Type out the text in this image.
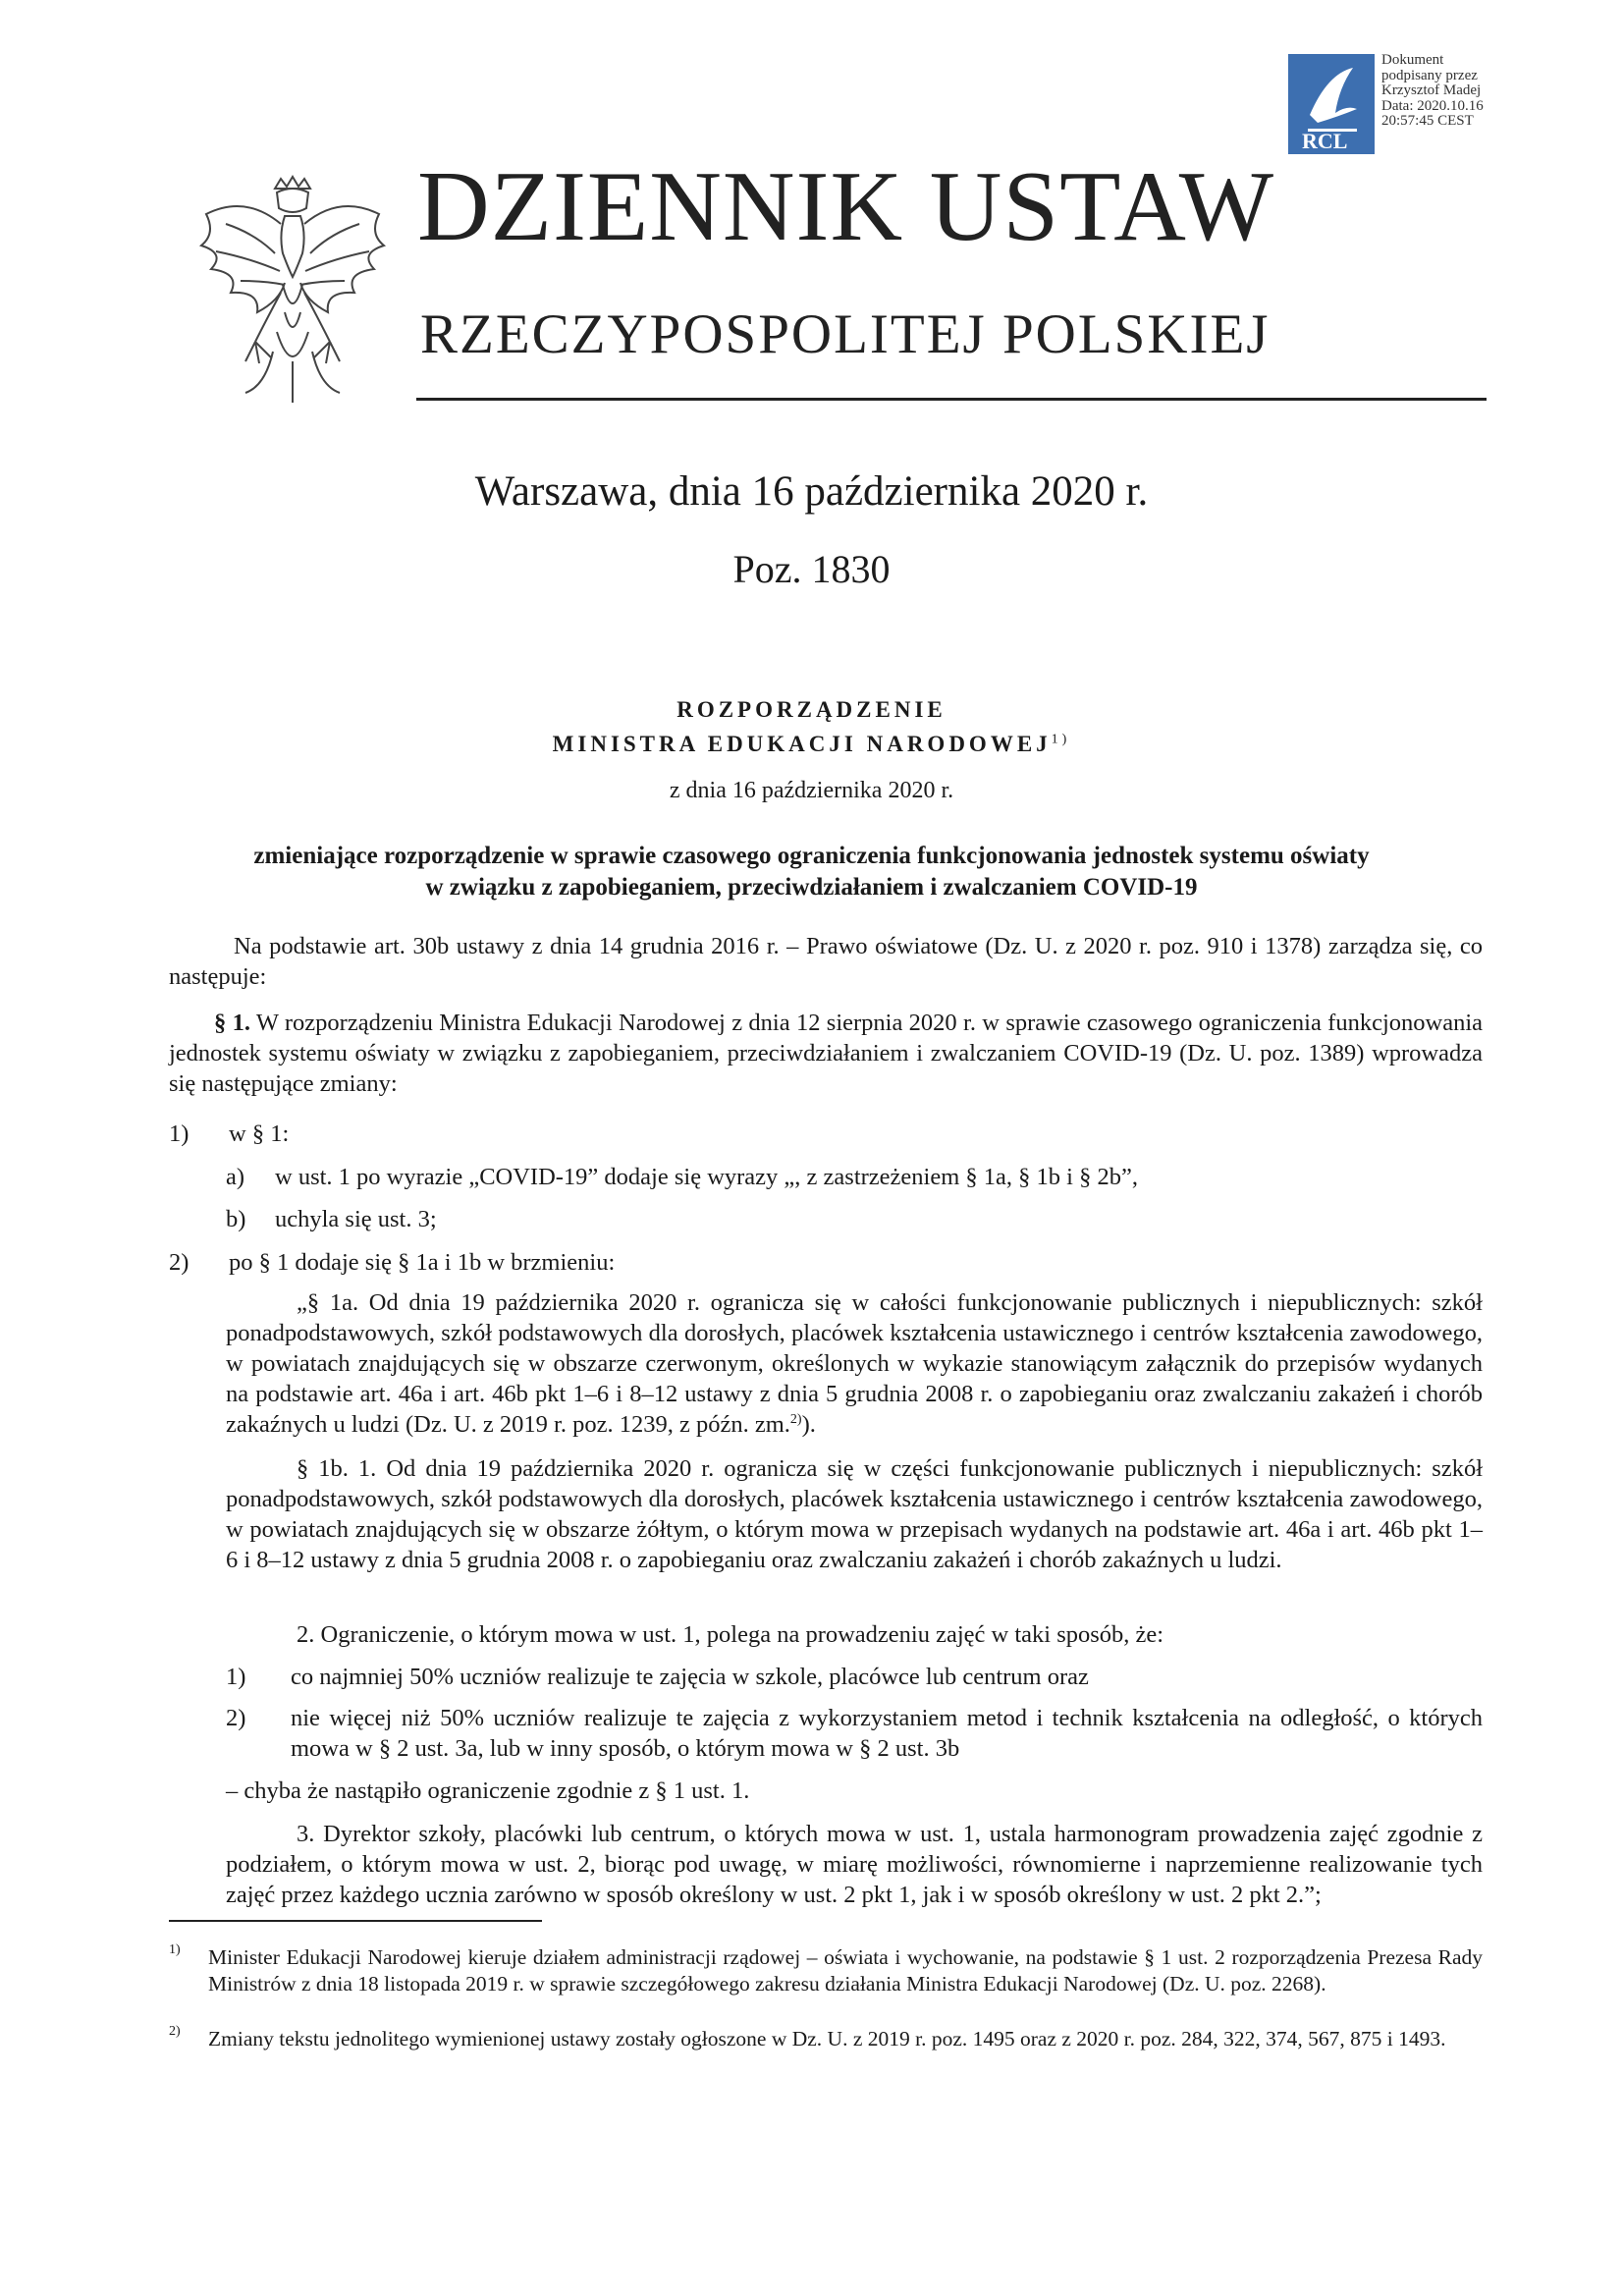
RCL
Dokument
podpisany przez
Krzysztof Madej
Data: 2020.10.16
20:57:45 CEST
DZIENNIK USTAW
RZECZYPOSPOLITEJ POLSKIEJ
Warszawa, dnia 16 października 2020 r.
Poz. 1830
ROZPORZĄDZENIE
MINISTRA EDUKACJI NARODOWEJ$^{1)}$
z dnia 16 października 2020 r.
zmieniające rozporządzenie w sprawie czasowego ograniczenia funkcjonowania jednostek systemu oświaty
w związku z zapobieganiem, przeciwdziałaniem i zwalczaniem COVID-19
Na podstawie art. 30b ustawy z dnia 14 grudnia 2016 r. – Prawo oświatowe (Dz. U. z 2020 r. poz. 910 i 1378) zarządza się, co następuje:
§ 1. W rozporządzeniu Ministra Edukacji Narodowej z dnia 12 sierpnia 2020 r. w sprawie czasowego ograniczenia funkcjonowania jednostek systemu oświaty w związku z zapobieganiem, przeciwdziałaniem i zwalczaniem COVID-19 (Dz. U. poz. 1389) wprowadza się następujące zmiany:
1) w § 1:
a) w ust. 1 po wyrazie „COVID-19” dodaje się wyrazy „, z zastrzeżeniem § 1a, § 1b i § 2b”,
b) uchyla się ust. 3;
2) po § 1 dodaje się § 1a i 1b w brzmieniu:
„§ 1a. Od dnia 19 października 2020 r. ogranicza się w całości funkcjonowanie publicznych i niepublicznych: szkół ponadpodstawowych, szkół podstawowych dla dorosłych, placówek kształcenia ustawicznego i centrów kształcenia zawodowego, w powiatach znajdujących się w obszarze czerwonym, określonych w wykazie stanowiącym załącznik do przepisów wydanych na podstawie art. 46a i art. 46b pkt 1–6 i 8–12 ustawy z dnia 5 grudnia 2008 r. o zapobieganiu oraz zwalczaniu zakażeń i chorób zakaźnych u ludzi (Dz. U. z 2019 r. poz. 1239, z późn. zm.$^{2)}$).
§ 1b. 1. Od dnia 19 października 2020 r. ogranicza się w części funkcjonowanie publicznych i niepublicznych: szkół ponadpodstawowych, szkół podstawowych dla dorosłych, placówek kształcenia ustawicznego i centrów kształcenia zawodowego, w powiatach znajdujących się w obszarze żółtym, o którym mowa w przepisach wydanych na podstawie art. 46a i art. 46b pkt 1–6 i 8–12 ustawy z dnia 5 grudnia 2008 r. o zapobieganiu oraz zwalczaniu zakażeń i chorób zakaźnych u ludzi.
2. Ograniczenie, o którym mowa w ust. 1, polega na prowadzeniu zajęć w taki sposób, że:
1) co najmniej 50% uczniów realizuje te zajęcia w szkole, placówce lub centrum oraz
2) nie więcej niż 50% uczniów realizuje te zajęcia z wykorzystaniem metod i technik kształcenia na odległość, o których mowa w § 2 ust. 3a, lub w inny sposób, o którym mowa w § 2 ust. 3b
– chyba że nastąpiło ograniczenie zgodnie z § 1 ust. 1.
3. Dyrektor szkoły, placówki lub centrum, o których mowa w ust. 1, ustala harmonogram prowadzenia zajęć zgodnie z podziałem, o którym mowa w ust. 2, biorąc pod uwagę, w miarę możliwości, równomierne i naprzemienne realizowanie tych zajęć przez każdego ucznia zarówno w sposób określony w ust. 2 pkt 1, jak i w sposób określony w ust. 2 pkt 2.”;
1) Minister Edukacji Narodowej kieruje działem administracji rządowej – oświata i wychowanie, na podstawie § 1 ust. 2 rozporządzenia Prezesa Rady Ministrów z dnia 18 listopada 2019 r. w sprawie szczegółowego zakresu działania Ministra Edukacji Narodowej (Dz. U. poz. 2268).
2) Zmiany tekstu jednolitego wymienionej ustawy zostały ogłoszone w Dz. U. z 2019 r. poz. 1495 oraz z 2020 r. poz. 284, 322, 374, 567, 875 i 1493.
